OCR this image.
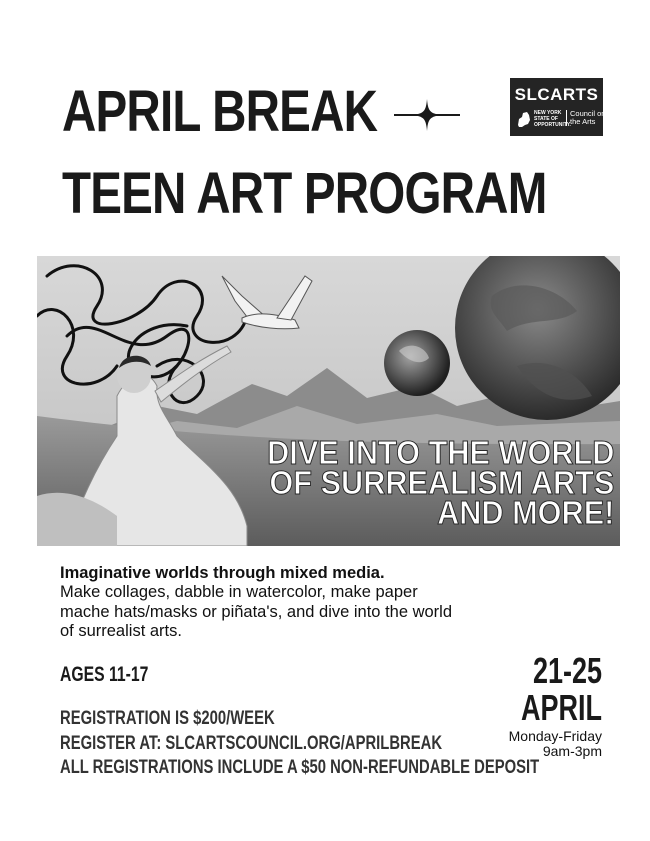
APRIL BREAK
TEEN ART PROGRAM
SLCARTS
NEW YORK STATE OF OPPORTUNITY.
Council on the Arts
DIVE INTO THE WORLD
OF SURREALISM ARTS
AND MORE!
Imaginative worlds through mixed media.
Make collages, dabble in watercolor, make paper
mache hats/masks or piñata's, and dive into the world
of surrealist arts.
AGES 11-17
REGISTRATION IS $200/WEEK
REGISTER AT: SLCARTSCOUNCIL.ORG/APRILBREAK
ALL REGISTRATIONS INCLUDE A $50 NON-REFUNDABLE DEPOSIT
21-25
APRIL
Monday-Friday
9am-3pm
